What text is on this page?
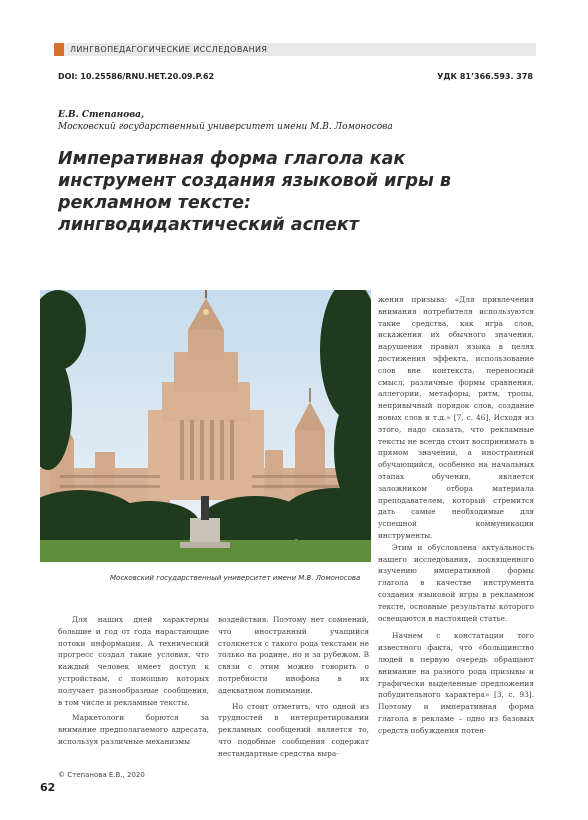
ЛИНГВОПЕДАГОГИЧЕСКИЕ ИССЛЕДОВАНИЯ
DOI: 10.25586/RNU.HET.20.09.P.62	УДК 81’366.593. 378
Е.В. Степанова,
Московский государственный университет имени М.В. Ломоносова
Императивная форма глагола как инструмент создания языковой игры в рекламном тексте: лингводидактический аспект
Московский государственный университет имени М.В. Ломоносова

жения призыва: «Для привлечения внимания потребителя используются такие средства, как игра слов, искажения их обычного значения, нарушения правил языка в целях достижения эффекта, использование слов вне контекста, переносный смысл, различные формы сравнения, аллегории, метафоры, ритм, тропы, непривычный порядок слов, создание новых слов и т.д.» [7, с. 46]. Исходя из этого, надо сказать, что рекламные тексты не всегда стоит воспринимать в прямом значении, а иностранный обучающийся, особенно на начальных этапах обучения, является заложником отбора материала преподавателем, который стремится дать самые необходимые для успешной коммуникации инструменты.

Этим и обусловлена актуальность нашего исследования, посвященного изучению императивной формы глагола в качестве инструмента создания языковой игры в рекламном тексте, основные результаты которого освещаются в настоящей статье.

Начнем с констатации того известного факта, что «большинство людей в первую очередь обращают внимание на разного рода призывы и графически выделенные предложения побудительного характера» [3, с. 93]. Поэтому и императивная форма глагола в рекламе – одно из базовых средств побуждения потен-

Для наших дней характерны большие и год от года нарастающие потоки информации. А технический прогресс создал такие условия, что каждый человек имеет доступ к устройствам, с помощью которых получает разнообразные сообщения, в том числе и рекламные тексты.

Маркетологи борются за внимание предполагаемого адресата, используя различные механизмы

воздействия. Поэтому нет сомнений, что иностранный учащийся столкнется с такого рода текстами не только на родине, но и за рубежом. В связи с этим можно говорить о потребности инофона в их адекватном понимании.

Но стоит отметить, что одной из трудностей в интерпретировании рекламных сообщений является то, что подобные сообщения содержат нестандартные средства выра-

© Степанова Е.В., 2020
62
